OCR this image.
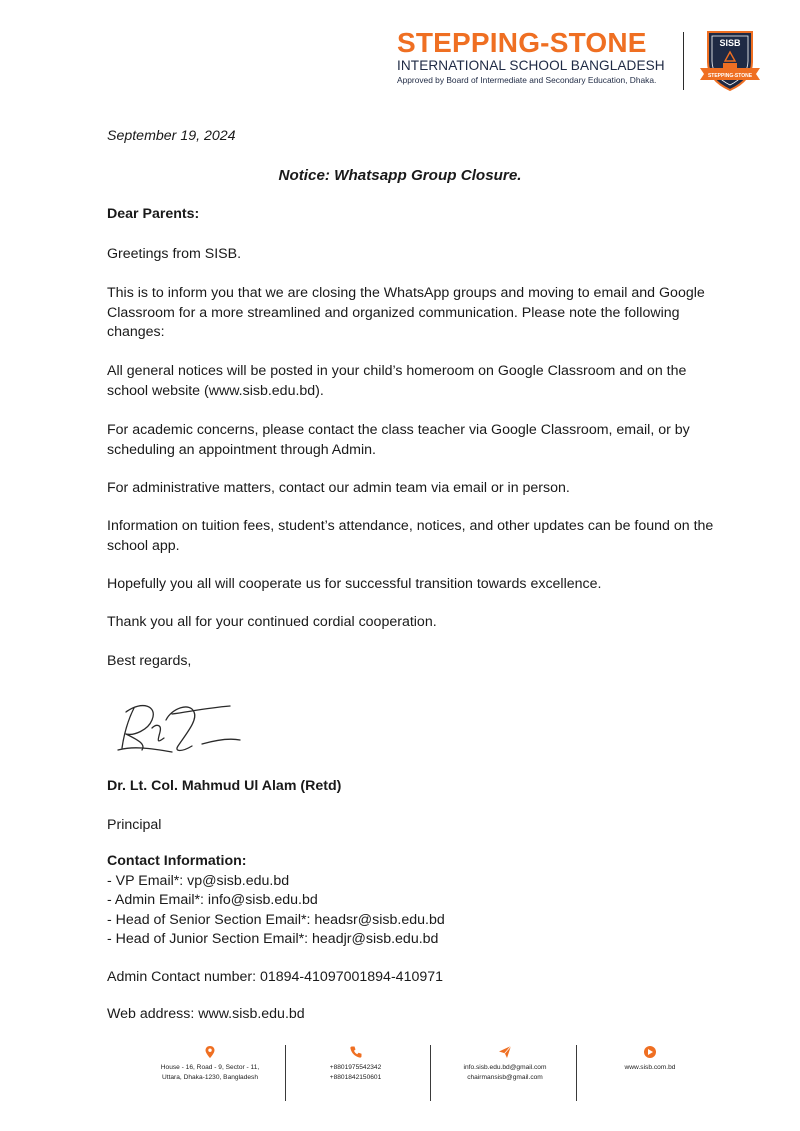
STEPPING-STONE
INTERNATIONAL SCHOOL BANGLADESH
Approved by Board of Intermediate and Secondary Education, Dhaka.
SISB
STEPPING-STONE
September 19, 2024
Notice: Whatsapp Group Closure.
Dear Parents:
Greetings from SISB.
This is to inform you that we are closing the WhatsApp groups and moving to email and Google Classroom for a more streamlined and organized communication. Please note the following changes:
All general notices will be posted in your child’s homeroom on Google Classroom and on the school website (www.sisb.edu.bd).
For academic concerns, please contact the class teacher via Google Classroom, email, or by scheduling an appointment through Admin.
For administrative matters, contact our admin team via email or in person.
Information on tuition fees, student’s attendance, notices, and other updates can be found on the school app.
Hopefully you all will cooperate us for successful transition towards excellence.
Thank you all for your continued cordial cooperation.
Best regards,
Dr. Lt. Col. Mahmud Ul Alam (Retd)
Principal
Contact Information:
- VP Email*: vp@sisb.edu.bd
- Admin Email*: info@sisb.edu.bd
- Head of Senior Section Email*: headsr@sisb.edu.bd
- Head of Junior Section Email*: headjr@sisb.edu.bd
Admin Contact number: 01894-41097001894-410971
Web address: www.sisb.edu.bd
House - 16, Road - 9, Sector - 11,
Uttara, Dhaka-1230, Bangladesh
+8801975542342
+8801842150601
info.sisb.edu.bd@gmail.com
chairmansisb@gmail.com
www.sisb.com.bd
